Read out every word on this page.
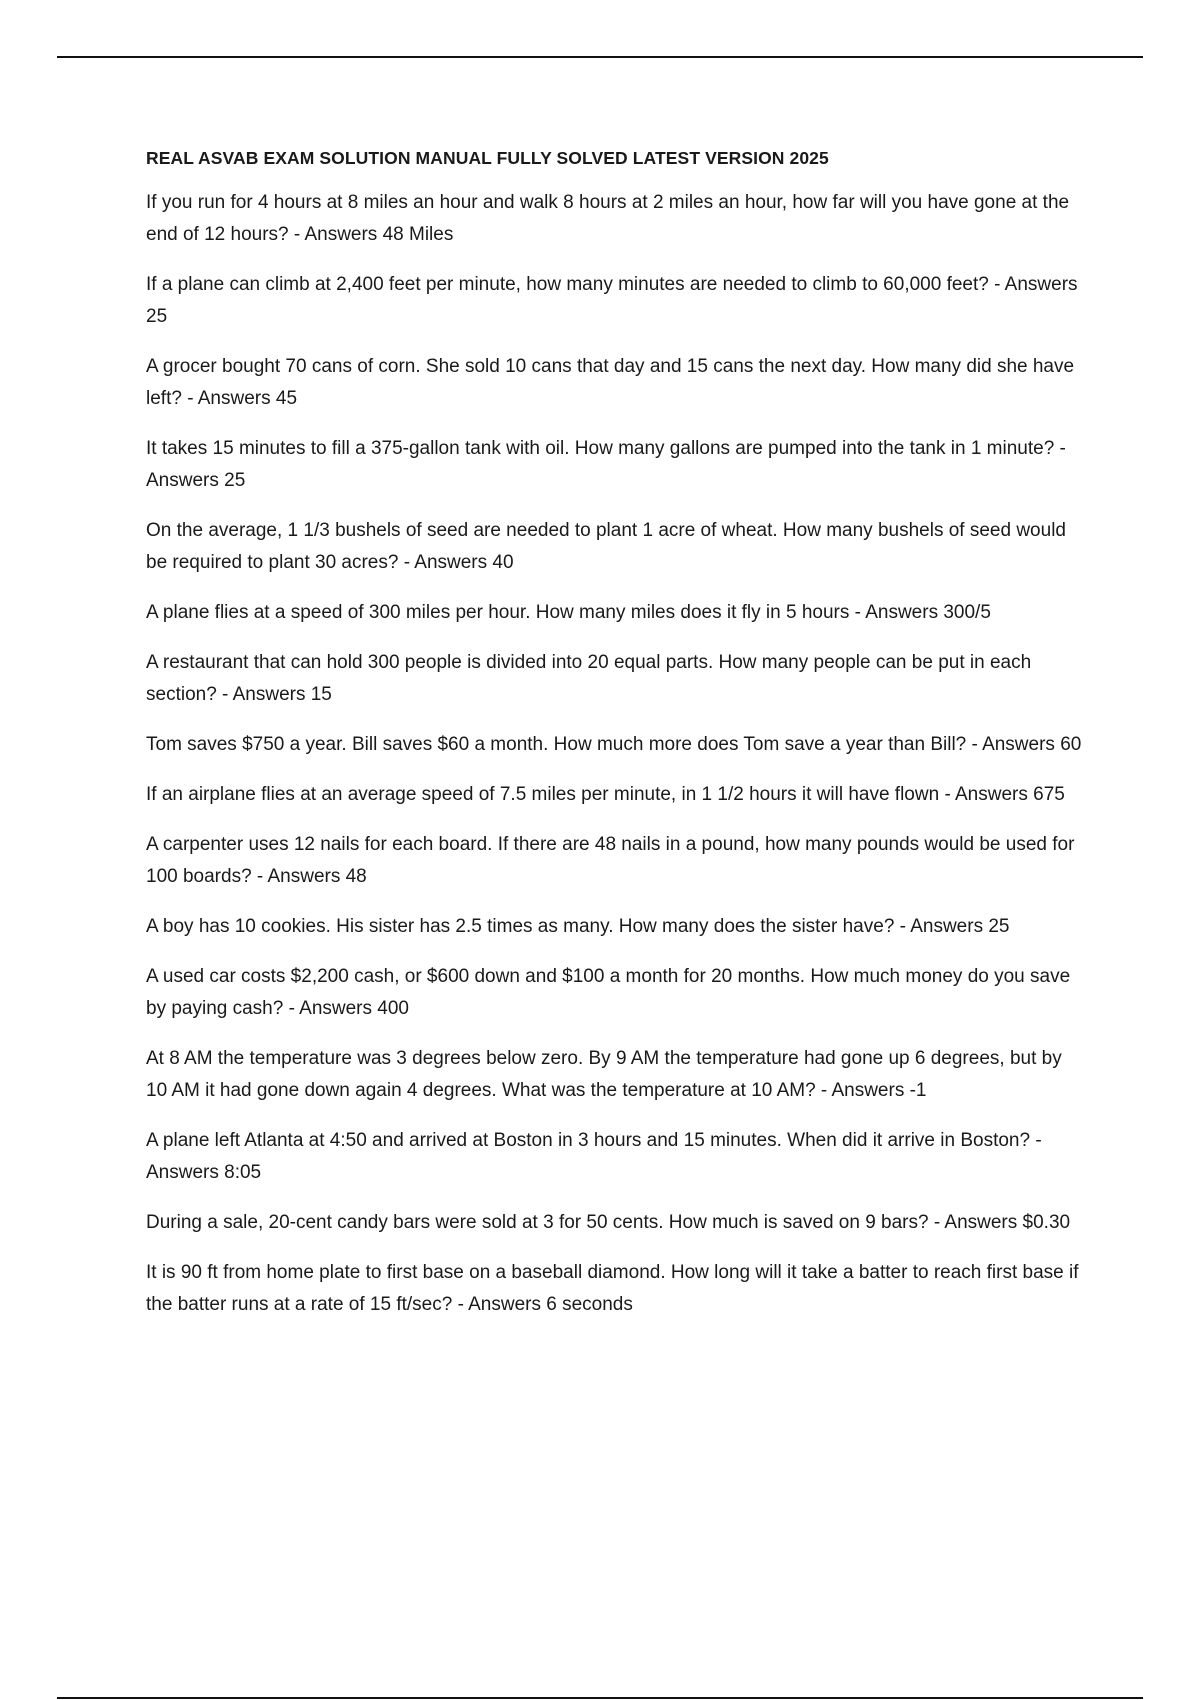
REAL ASVAB EXAM SOLUTION MANUAL FULLY SOLVED LATEST VERSION 2025

If you run for 4 hours at 8 miles an hour and walk 8 hours at 2 miles an hour, how far will you have gone at the end of 12 hours? - Answers 48 Miles

If a plane can climb at 2,400 feet per minute, how many minutes are needed to climb to 60,000 feet? - Answers 25

A grocer bought 70 cans of corn. She sold 10 cans that day and 15 cans the next day. How many did she have left? - Answers 45

It takes 15 minutes to fill a 375-gallon tank with oil. How many gallons are pumped into the tank in 1 minute? - Answers 25

On the average, 1 1/3 bushels of seed are needed to plant 1 acre of wheat. How many bushels of seed would be required to plant 30 acres? - Answers 40

A plane flies at a speed of 300 miles per hour. How many miles does it fly in 5 hours - Answers 300/5

A restaurant that can hold 300 people is divided into 20 equal parts. How many people can be put in each section? - Answers 15

Tom saves $750 a year. Bill saves $60 a month. How much more does Tom save a year than Bill? - Answers 60

If an airplane flies at an average speed of 7.5 miles per minute, in 1 1/2 hours it will have flown - Answers 675

A carpenter uses 12 nails for each board. If there are 48 nails in a pound, how many pounds would be used for 100 boards? - Answers 48

A boy has 10 cookies. His sister has 2.5 times as many. How many does the sister have? - Answers 25

A used car costs $2,200 cash, or $600 down and $100 a month for 20 months. How much money do you save by paying cash? - Answers 400

At 8 AM the temperature was 3 degrees below zero. By 9 AM the temperature had gone up 6 degrees, but by 10 AM it had gone down again 4 degrees. What was the temperature at 10 AM? - Answers -1

A plane left Atlanta at 4:50 and arrived at Boston in 3 hours and 15 minutes. When did it arrive in Boston? - Answers 8:05

During a sale, 20-cent candy bars were sold at 3 for 50 cents. How much is saved on 9 bars? - Answers $0.30

It is 90 ft from home plate to first base on a baseball diamond. How long will it take a batter to reach first base if the batter runs at a rate of 15 ft/sec? - Answers 6 seconds
